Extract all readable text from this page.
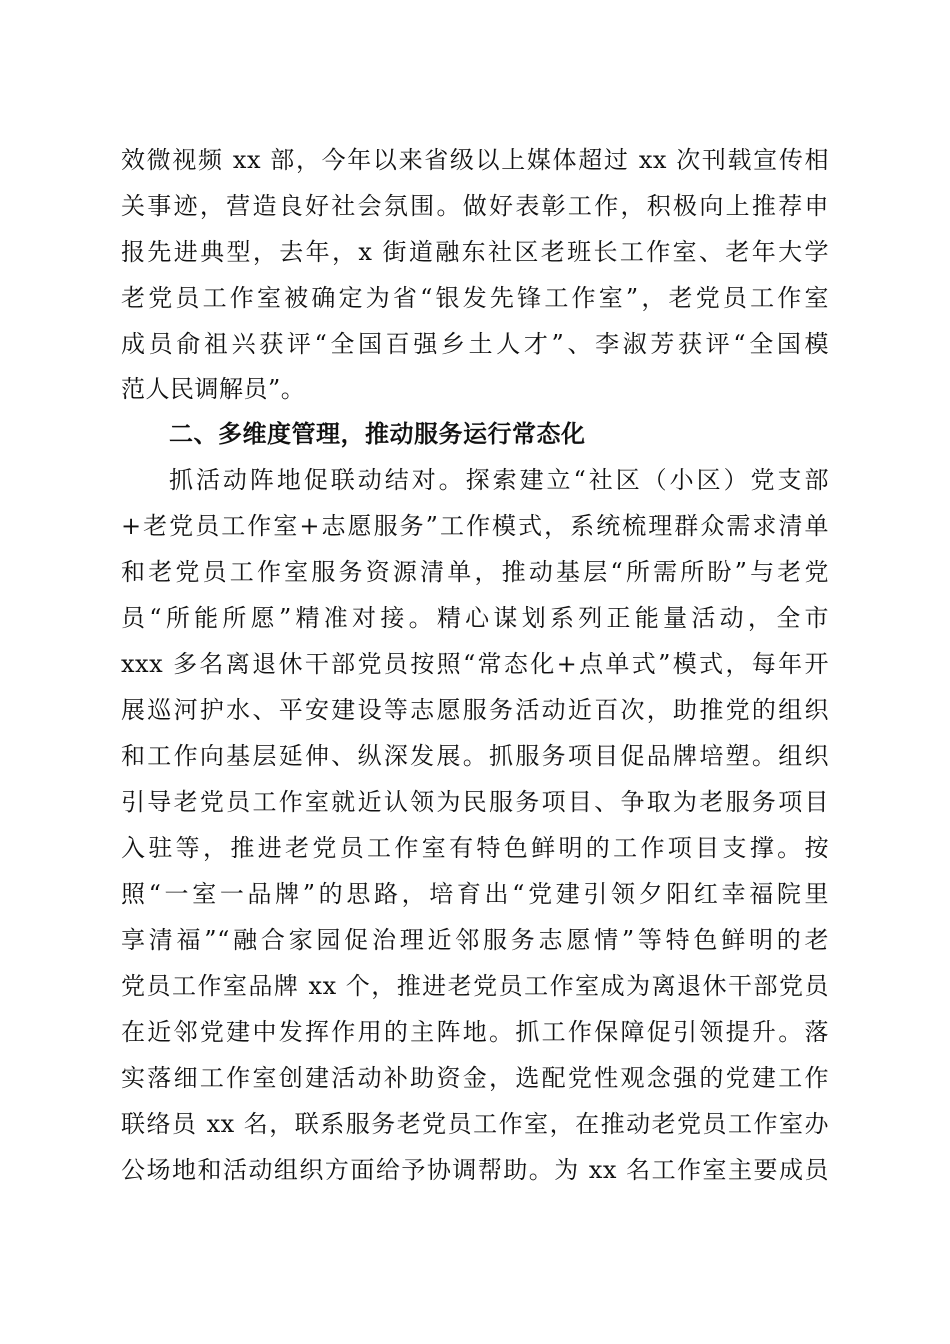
效微视频 xx 部，今年以来省级以上媒体超过 xx 次刊载宣传相
关事迹，营造良好社会氛围。做好表彰工作，积极向上推荐申
报先进典型，去年，x 街道融东社区老班长工作室、老年大学
老党员工作室被确定为省“银发先锋工作室”，老党员工作室
成员俞祖兴获评“全国百强乡土人才”、李淑芳获评“全国模
范人民调解员”。
二、多维度管理，推动服务运行常态化
抓活动阵地促联动结对。探索建立“社区（小区）党支部
+老党员工作室+志愿服务”工作模式，系统梳理群众需求清单
和老党员工作室服务资源清单，推动基层“所需所盼”与老党
员“所能所愿”精准对接。精心谋划系列正能量活动，全市
xxx 多名离退休干部党员按照“常态化+点单式”模式，每年开
展巡河护水、平安建设等志愿服务活动近百次，助推党的组织
和工作向基层延伸、纵深发展。抓服务项目促品牌培塑。组织
引导老党员工作室就近认领为民服务项目、争取为老服务项目
入驻等，推进老党员工作室有特色鲜明的工作项目支撑。按
照“一室一品牌”的思路，培育出“党建引领夕阳红幸福院里
享清福”“融合家园促治理近邻服务志愿情”等特色鲜明的老
党员工作室品牌 xx 个，推进老党员工作室成为离退休干部党员
在近邻党建中发挥作用的主阵地。抓工作保障促引领提升。落
实落细工作室创建活动补助资金，选配党性观念强的党建工作
联络员 xx 名，联系服务老党员工作室，在推动老党员工作室办
公场地和活动组织方面给予协调帮助。为 xx 名工作室主要成员
